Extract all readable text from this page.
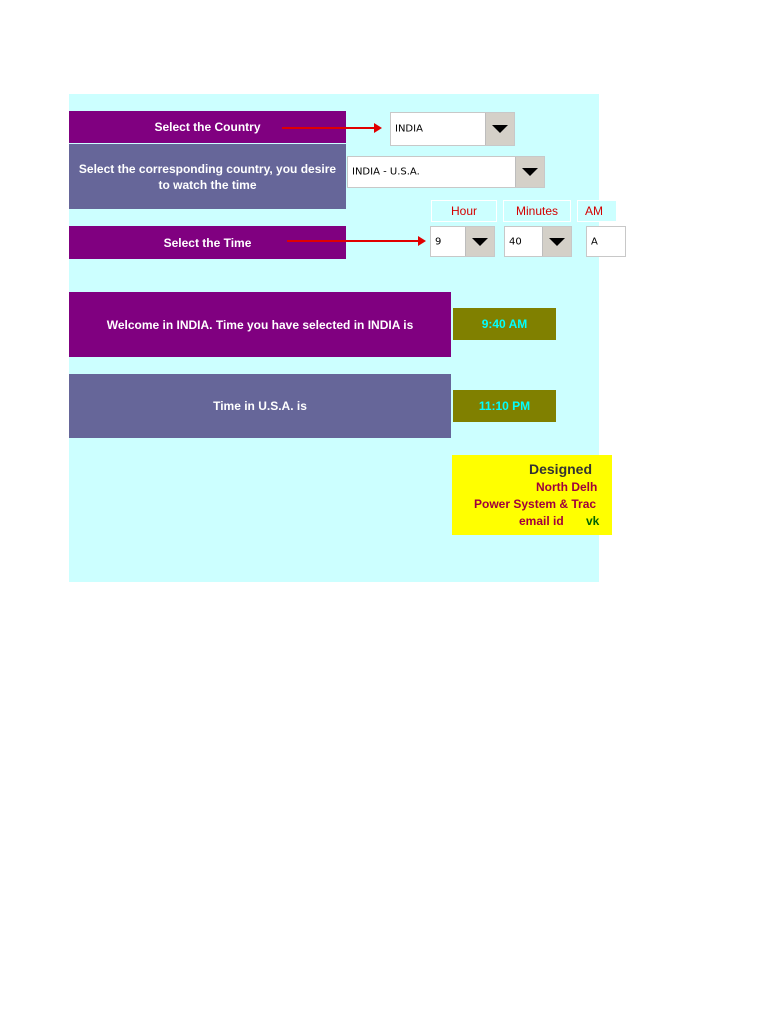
Select the Country	INDIA
Select the corresponding country, you desire to watch the time
INDIA - U.S.A.
Hour	Minutes AM
Select the Time	9	40	A
Welcome in INDIA. Time you have selected in INDIA is	9:40 AM
Time in U.S.A. is	11:10 PM
Designed
North Delh
Power System & Trac
email id vk
